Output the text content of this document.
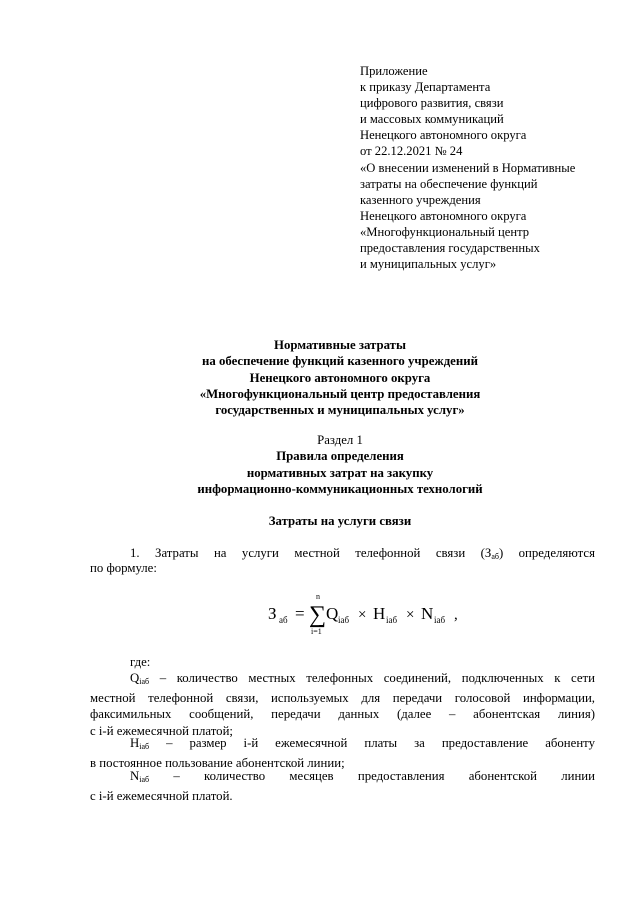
Приложение
к приказу Департамента
цифрового развития, связи
и массовых коммуникаций
Ненецкого автономного округа
от 22.12.2021 № 24
«О внесении изменений в Нормативные
затраты на обеспечение функций
казенного учреждения
Ненецкого автономного округа
«Многофункциональный центр
предоставления государственных
и муниципальных услуг»
Нормативные затраты
на обеспечение функций казенного учреждений
Ненецкого автономного округа
«Многофункциональный центр предоставления
государственных и муниципальных услуг»
Раздел 1
Правила определения
нормативных затрат на закупку
информационно-коммуникационных технологий
Затраты на услуги связи
1. Затраты на услуги местной телефонной связи $(З_{аб})$ определяются
по формуле:
З аб =
n
∑
i=1
Q iаб × H iаб × N iаб ,
где:
$Q_{iаб}$ – количество местных телефонных соединений, подключенных к сети
местной телефонной связи, используемых для передачи голосовой информации,
факсимильных сообщений, передачи данных (далее – абонентская линия)
с i-й ежемесячной платой;
$H_{iаб}$ – размер i-й ежемесячной платы за предоставление абоненту
в постоянное пользование абонентской линии;
$N_{iаб}$ – количество месяцев предоставления абонентской линии
с i-й ежемесячной платой.
